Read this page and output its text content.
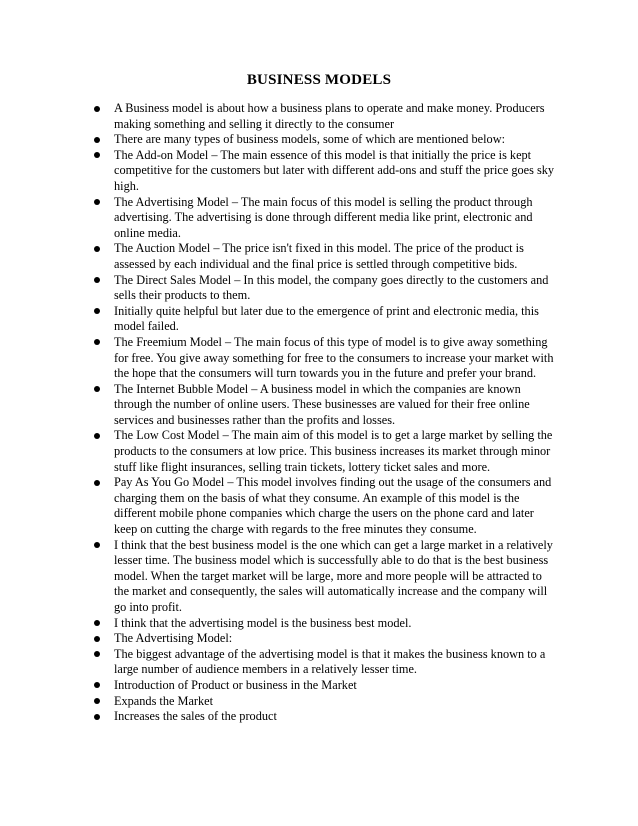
BUSINESS MODELS
A Business model is about how a business plans to operate and make money. Producers
making something and selling it directly to the consumer
There are many types of business models, some of which are mentioned below:
The Add-on Model – The main essence of this model is that initially the price is kept
competitive for the customers but later with different add-ons and stuff the price goes sky
high.
The Advertising Model – The main focus of this model is selling the product through
advertising. The advertising is done through different media like print, electronic and
online media.
The Auction Model – The price isn't fixed in this model. The price of the product is
assessed by each individual and the final price is settled through competitive bids.
The Direct Sales Model – In this model, the company goes directly to the customers and
sells their products to them.
Initially quite helpful but later due to the emergence of print and electronic media, this
model failed.
The Freemium Model – The main focus of this type of model is to give away something
for free. You give away something for free to the consumers to increase your market with
the hope that the consumers will turn towards you in the future and prefer your brand.
The Internet Bubble Model – A business model in which the companies are known
through the number of online users. These businesses are valued for their free online
services and businesses rather than the profits and losses.
The Low Cost Model – The main aim of this model is to get a large market by selling the
products to the consumers at low price. This business increases its market through minor
stuff like flight insurances, selling train tickets, lottery ticket sales and more.
Pay As You Go Model – This model involves finding out the usage of the consumers and
charging them on the basis of what they consume. An example of this model is the
different mobile phone companies which charge the users on the phone card and later
keep on cutting the charge with regards to the free minutes they consume.
I think that the best business model is the one which can get a large market in a relatively
lesser time. The business model which is successfully able to do that is the best business
model. When the target market will be large, more and more people will be attracted to
the market and consequently, the sales will automatically increase and the company will
go into profit.
I think that the advertising model is the business best model.
The Advertising Model:
The biggest advantage of the advertising model is that it makes the business known to a
large number of audience members in a relatively lesser time.
Introduction of Product or business in the Market
Expands the Market
Increases the sales of the product
